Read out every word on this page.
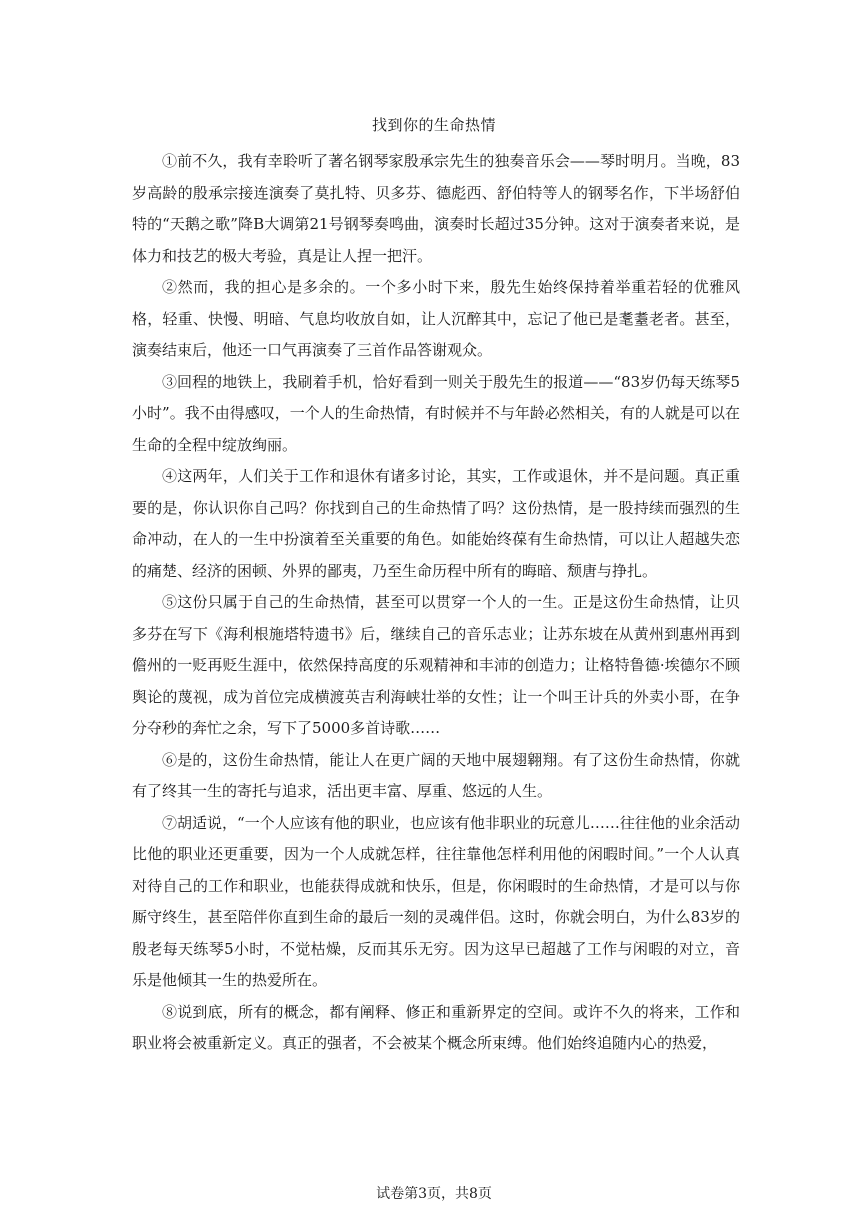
找到你的生命热情

①前不久，我有幸聆听了著名钢琴家殷承宗先生的独奏音乐会——琴时明月。当晚，83岁高龄的殷承宗接连演奏了莫扎特、贝多芬、德彪西、舒伯特等人的钢琴名作，下半场舒伯特的“天鹅之歌”降B大调第21号钢琴奏鸣曲，演奏时长超过35分钟。这对于演奏者来说，是体力和技艺的极大考验，真是让人捏一把汗。

②然而，我的担心是多余的。一个多小时下来，殷先生始终保持着举重若轻的优雅风格，轻重、快慢、明暗、气息均收放自如，让人沉醉其中，忘记了他已是耄耋老者。甚至，演奏结束后，他还一口气再演奏了三首作品答谢观众。

③回程的地铁上，我刷着手机，恰好看到一则关于殷先生的报道——“83岁仍每天练琴5小时”。我不由得感叹，一个人的生命热情，有时候并不与年龄必然相关，有的人就是可以在生命的全程中绽放绚丽。

④这两年，人们关于工作和退休有诸多讨论，其实，工作或退休，并不是问题。真正重要的是，你认识你自己吗？你找到自己的生命热情了吗？这份热情，是一股持续而强烈的生命冲动，在人的一生中扮演着至关重要的角色。如能始终葆有生命热情，可以让人超越失恋的痛楚、经济的困顿、外界的鄙夷，乃至生命历程中所有的晦暗、颓唐与挣扎。

⑤这份只属于自己的生命热情，甚至可以贯穿一个人的一生。正是这份生命热情，让贝多芬在写下《海利根施塔特遗书》后，继续自己的音乐志业；让苏东坡在从黄州到惠州再到儋州的一贬再贬生涯中，依然保持高度的乐观精神和丰沛的创造力；让格特鲁德·埃德尔不顾舆论的蔑视，成为首位完成横渡英吉利海峡壮举的女性；让一个叫王计兵的外卖小哥，在争分夺秒的奔忙之余，写下了5000多首诗歌……

⑥是的，这份生命热情，能让人在更广阔的天地中展翅翱翔。有了这份生命热情，你就有了终其一生的寄托与追求，活出更丰富、厚重、悠远的人生。

⑦胡适说，“一个人应该有他的职业，也应该有他非职业的玩意儿……往往他的业余活动比他的职业还更重要，因为一个人成就怎样，往往靠他怎样利用他的闲暇时间。”一个人认真对待自己的工作和职业，也能获得成就和快乐，但是，你闲暇时的生命热情，才是可以与你厮守终生，甚至陪伴你直到生命的最后一刻的灵魂伴侣。这时，你就会明白，为什么83岁的殷老每天练琴5小时，不觉枯燥，反而其乐无穷。因为这早已超越了工作与闲暇的对立，音乐是他倾其一生的热爱所在。

⑧说到底，所有的概念，都有阐释、修正和重新界定的空间。或许不久的将来，工作和职业将会被重新定义。真正的强者，不会被某个概念所束缚。他们始终追随内心的热爱，

试卷第3页，共8页
